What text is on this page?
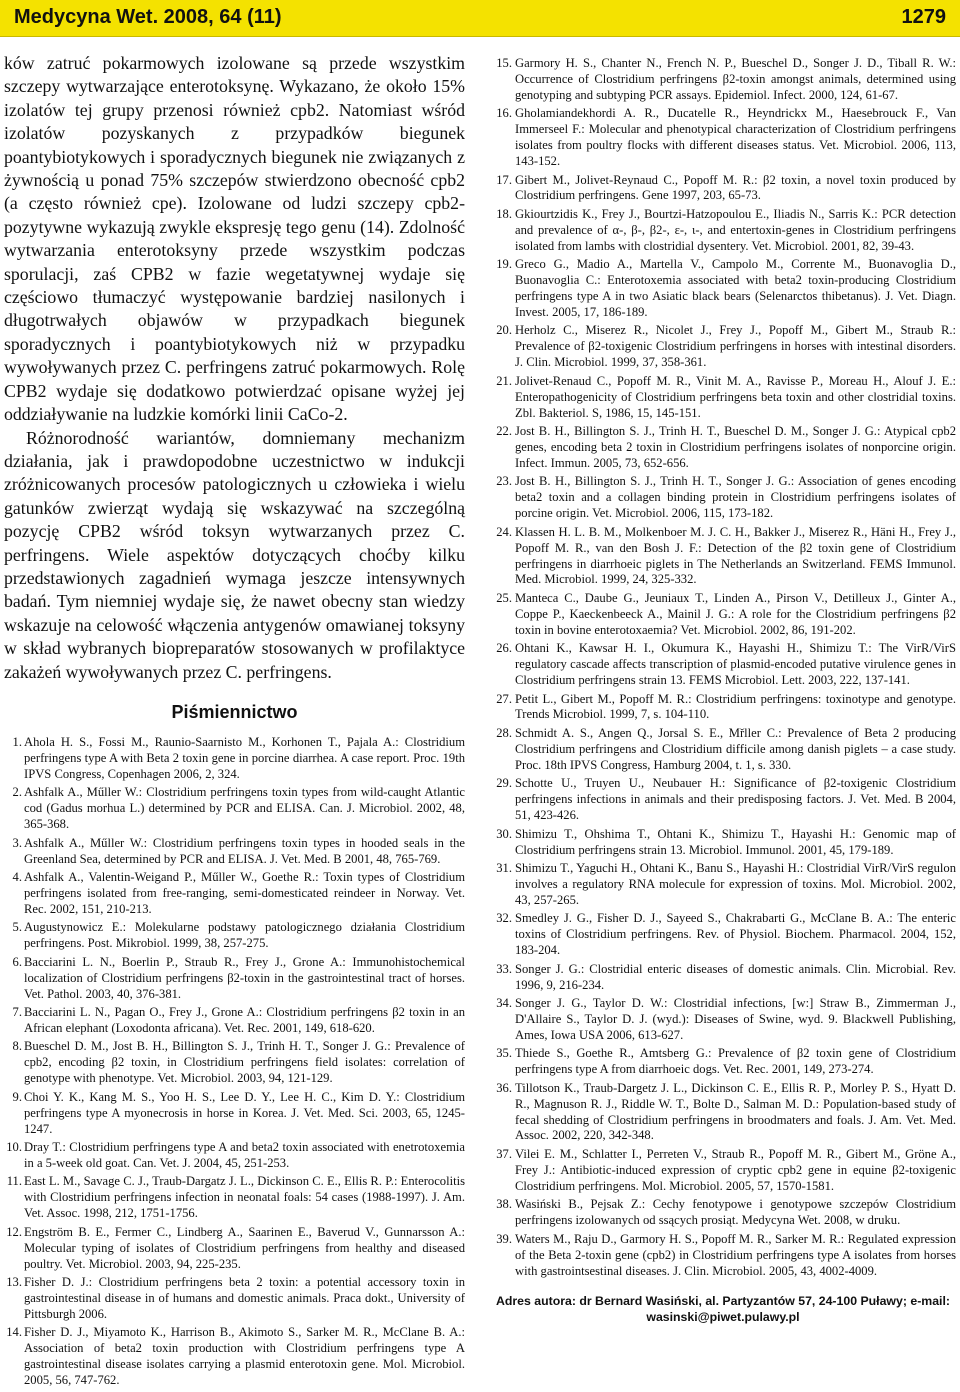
Medycyna Wet. 2008, 64 (11)	1279

ków zatruć pokarmowych izolowane są przede wszystkim szczepy wytwarzające enterotoksynę. Wykazano, że około 15% izolatów tej grupy przenosi również cpb2. Natomiast wśród izolatów pozyskanych z przypadków biegunek poantybiotykowych i sporadycznych biegunek nie związanych z żywnością u ponad 75% szczepów stwierdzono obecność cpb2 (a często również cpe). Izolowane od ludzi szczepy cpb2-pozytywne wykazują zwykle ekspresję tego genu (14). Zdolność wytwarzania enterotoksyny przede wszystkim podczas sporulacji, zaś CPB2 w fazie wegetatywnej wydaje się częściowo tłumaczyć występowanie bardziej nasilonych i długotrwałych objawów w przypadkach biegunek sporadycznych i poantybiotykowych niż w przypadku wywoływanych przez C. perfringens zatruć pokarmowych. Rolę CPB2 wydaje się dodatkowo potwierdzać opisane wyżej jej oddziaływanie na ludzkie komórki linii CaCo-2.

Różnorodność wariantów, domniemany mechanizm działania, jak i prawdopodobne uczestnictwo w indukcji zróżnicowanych procesów patologicznych u człowieka i wielu gatunków zwierząt wydają się wskazywać na szczególną pozycję CPB2 wśród toksyn wytwarzanych przez C. perfringens. Wiele aspektów dotyczących choćby kilku przedstawionych zagadnień wymaga jeszcze intensywnych badań. Tym niemniej wydaje się, że nawet obecny stan wiedzy wskazuje na celowość włączenia antygenów omawianej toksyny w skład wybranych biopreparatów stosowanych w profilaktyce zakażeń wywoływanych przez C. perfringens.

Piśmiennictwo
1. Ahola H. S., Fossi M., Raunio-Saarnisto M., Korhonen T., Pajala A.: Clostridium perfringens type A with Beta 2 toxin gene in porcine diarrhea. A case report. Proc. 19th IPVS Congress, Copenhagen 2006, 2, 324.
2. Ashfalk A., Műller W.: Clostridium perfringens toxin types from wild-caught Atlantic cod (Gadus morhua L.) determined by PCR and ELISA. Can. J. Microbiol. 2002, 48, 365-368.
3. Ashfalk A., Műller W.: Clostridium perfringens toxin types in hooded seals in the Greenland Sea, determined by PCR and ELISA. J. Vet. Med. B 2001, 48, 765-769.
4. Ashfalk A., Valentin-Weigand P., Műller W., Goethe R.: Toxin types of Clostridium perfringens isolated from free-ranging, semi-domesticated reindeer in Norway. Vet. Rec. 2002, 151, 210-213.
5. Augustynowicz E.: Molekularne podstawy patologicznego działania Clostridium perfringens. Post. Mikrobiol. 1999, 38, 257-275.
6. Bacciarini L. N., Boerlin P., Straub R., Frey J., Grone A.: Immunohistochemical localization of Clostridium perfringens β2-toxin in the gastrointestinal tract of horses. Vet. Pathol. 2003, 40, 376-381.
7. Bacciarini L. N., Pagan O., Frey J., Grone A.: Clostridium perfringens β2 toxin in an African elephant (Loxodonta africana). Vet. Rec. 2001, 149, 618-620.
8. Bueschel D. M., Jost B. H., Billington S. J., Trinh H. T., Songer J. G.: Prevalence of cpb2, encoding β2 toxin, in Clostridium perfringens field isolates: correlation of genotype with phenotype. Vet. Microbiol. 2003, 94, 121-129.
9. Choi Y. K., Kang M. S., Yoo H. S., Lee D. Y., Lee H. C., Kim D. Y.: Clostridium perfringens type A myonecrosis in horse in Korea. J. Vet. Med. Sci. 2003, 65, 1245-1247.
10. Dray T.: Clostridium perfringens type A and beta2 toxin associated with enetrotoxemia in a 5-week old goat. Can. Vet. J. 2004, 45, 251-253.
11. East L. M., Savage C. J., Traub-Dargatz J. L., Dickinson C. E., Ellis R. P.: Enterocolitis with Clostridium perfringens infection in neonatal foals: 54 cases (1988-1997). J. Am. Vet. Assoc. 1998, 212, 1751-1756.
12. Engström B. E., Fermer C., Lindberg A., Saarinen E., Baverud V., Gunnarsson A.: Molecular typing of isolates of Clostridium perfringens from healthy and diseased poultry. Vet. Microbiol. 2003, 94, 225-235.
13. Fisher D. J.: Clostridium perfringens beta 2 toxin: a potential accessory toxin in gastrointestinal disease in of humans and domestic animals. Praca dokt., University of Pittsburgh 2006.
14. Fisher D. J., Miyamoto K., Harrison B., Akimoto S., Sarker M. R., McClane B. A.: Association of beta2 toxin production with Clostridium perfringens type A gastrointestinal disease isolates carrying a plasmid enterotoxin gene. Mol. Microbiol. 2005, 56, 747-762.
15. Garmory H. S., Chanter N., French N. P., Bueschel D., Songer J. D., Tiball R. W.: Occurrence of Clostridium perfringens β2-toxin amongst animals, determined using genotyping and subtyping PCR assays. Epidemiol. Infect. 2000, 124, 61-67.
16. Gholamiandekhordi A. R., Ducatelle R., Heyndrickx M., Haesebrouck F., Van Immerseel F.: Molecular and phenotypical characterization of Clostridium perfringens isolates from poultry flocks with different diseases status. Vet. Microbiol. 2006, 113, 143-152.
17. Gibert M., Jolivet-Reynaud C., Popoff M. R.: β2 toxin, a novel toxin produced by Clostridium perfringens. Gene 1997, 203, 65-73.
18. Gkiourtzidis K., Frey J., Bourtzi-Hatzopoulou E., Iliadis N., Sarris K.: PCR detection and prevalence of α-, β-, β2-, ε-, ι-, and entertoxin-genes in Clostridium perfringens isolated from lambs with clostridial dysentery. Vet. Microbiol. 2001, 82, 39-43.
19. Greco G., Madio A., Martella V., Campolo M., Corrente M., Buonavoglia D., Buonavoglia C.: Enterotoxemia associated with beta2 toxin-producing Clostridium perfringens type A in two Asiatic black bears (Selenarctos thibetanus). J. Vet. Diagn. Invest. 2005, 17, 186-189.
20. Herholz C., Miserez R., Nicolet J., Frey J., Popoff M., Gibert M., Straub R.: Prevalence of β2-toxigenic Clostridium perfringens in horses with intestinal disorders. J. Clin. Microbiol. 1999, 37, 358-361.
21. Jolivet-Renaud C., Popoff M. R., Vinit M. A., Ravisse P., Moreau H., Alouf J. E.: Enteropathogenicity of Clostridium perfringens beta toxin and other clostridial toxins. Zbl. Bakteriol. S, 1986, 15, 145-151.
22. Jost B. H., Billington S. J., Trinh H. T., Bueschel D. M., Songer J. G.: Atypical cpb2 genes, encoding beta 2 toxin in Clostridium perfringens isolates of nonporcine origin. Infect. Immun. 2005, 73, 652-656.
23. Jost B. H., Billington S. J., Trinh H. T., Songer J. G.: Association of genes encoding beta2 toxin and a collagen binding protein in Clostridium perfringens isolates of porcine origin. Vet. Microbiol. 2006, 115, 173-182.
24. Klassen H. L. B. M., Molkenboer M. J. C. H., Bakker J., Miserez R., Häni H., Frey J., Popoff M. R., van den Bosh J. F.: Detection of the β2 toxin gene of Clostridium perfringens in diarrhoeic piglets in The Netherlands an Switzerland. FEMS Immunol. Med. Microbiol. 1999, 24, 325-332.
25. Manteca C., Daube G., Jeuniaux T., Linden A., Pirson V., Detilleux J., Ginter A., Coppe P., Kaeckenbeeck A., Mainil J. G.: A role for the Clostridium perfringens β2 toxin in bovine enterotoxaemia? Vet. Microbiol. 2002, 86, 191-202.
26. Ohtani K., Kawsar H. I., Okumura K., Hayashi H., Shimizu T.: The VirR/VirS regulatory cascade affects transcription of plasmid-encoded putative virulence genes in Clostridium perfringens strain 13. FEMS Microbiol. Lett. 2003, 222, 137-141.
27. Petit L., Gibert M., Popoff M. R.: Clostridium perfringens: toxinotype and genotype. Trends Microbiol. 1999, 7, s. 104-110.
28. Schmidt A. S., Angen Q., Jorsal S. E., Mřller C.: Prevalence of Beta 2 producing Clostridium perfringens and Clostridium difficile among danish piglets – a case study. Proc. 18th IPVS Congress, Hamburg 2004, t. 1, s. 330.
29. Schotte U., Truyen U., Neubauer H.: Significance of β2-toxigenic Clostridium perfringens infections in animals and their predisposing factors. J. Vet. Med. B 2004, 51, 423-426.
30. Shimizu T., Ohshima T., Ohtani K., Shimizu T., Hayashi H.: Genomic map of Clostridium perfringens strain 13. Microbiol. Immunol. 2001, 45, 179-189.
31. Shimizu T., Yaguchi H., Ohtani K., Banu S., Hayashi H.: Clostridial VirR/VirS regulon involves a regulatory RNA molecule for expression of toxins. Mol. Microbiol. 2002, 43, 257-265.
32. Smedley J. G., Fisher D. J., Sayeed S., Chakrabarti G., McClane B. A.: The enteric toxins of Clostridium perfringens. Rev. of Physiol. Biochem. Pharmacol. 2004, 152, 183-204.
33. Songer J. G.: Clostridial enteric diseases of domestic animals. Clin. Microbial. Rev. 1996, 9, 216-234.
34. Songer J. G., Taylor D. W.: Clostridial infections, [w:] Straw B., Zimmerman J., D'Allaire S., Taylor D. J. (wyd.): Diseases of Swine, wyd. 9. Blackwell Publishing, Ames, Iowa USA 2006, 613-627.
35. Thiede S., Goethe R., Amtsberg G.: Prevalence of β2 toxin gene of Clostridium perfringens type A from diarrhoeic dogs. Vet. Rec. 2001, 149, 273-274.
36. Tillotson K., Traub-Dargetz J. L., Dickinson C. E., Ellis R. P., Morley P. S., Hyatt D. R., Magnuson R. J., Riddle W. T., Bolte D., Salman M. D.: Population-based study of fecal shedding of Clostridium perfringens in broodmaters and foals. J. Am. Vet. Med. Assoc. 2002, 220, 342-348.
37. Vilei E. M., Schlatter I., Perreten V., Straub R., Popoff M. R., Gibert M., Gröne A., Frey J.: Antibiotic-induced expression of cryptic cpb2 gene in equine β2-toxigenic Clostridium perfringens. Mol. Microbiol. 2005, 57, 1570-1581.
38. Wasiński B., Pejsak Z.: Cechy fenotypowe i genotypowe szczepów Clostridium perfringens izolowanych od ssących prosiąt. Medycyna Wet. 2008, w druku.
39. Waters M., Raju D., Garmory H. S., Popoff M. R., Sarker M. R.: Regulated expression of the Beta 2-toxin gene (cpb2) in Clostridium perfringens type A isolates from horses with gastrointsestinal diseases. J. Clin. Microbiol. 2005, 43, 4002-4009.
Adres autora: dr Bernard Wasiński, al. Partyzantów 57, 24-100 Puławy; e-mail: wasinski@piwet.pulawy.pl
